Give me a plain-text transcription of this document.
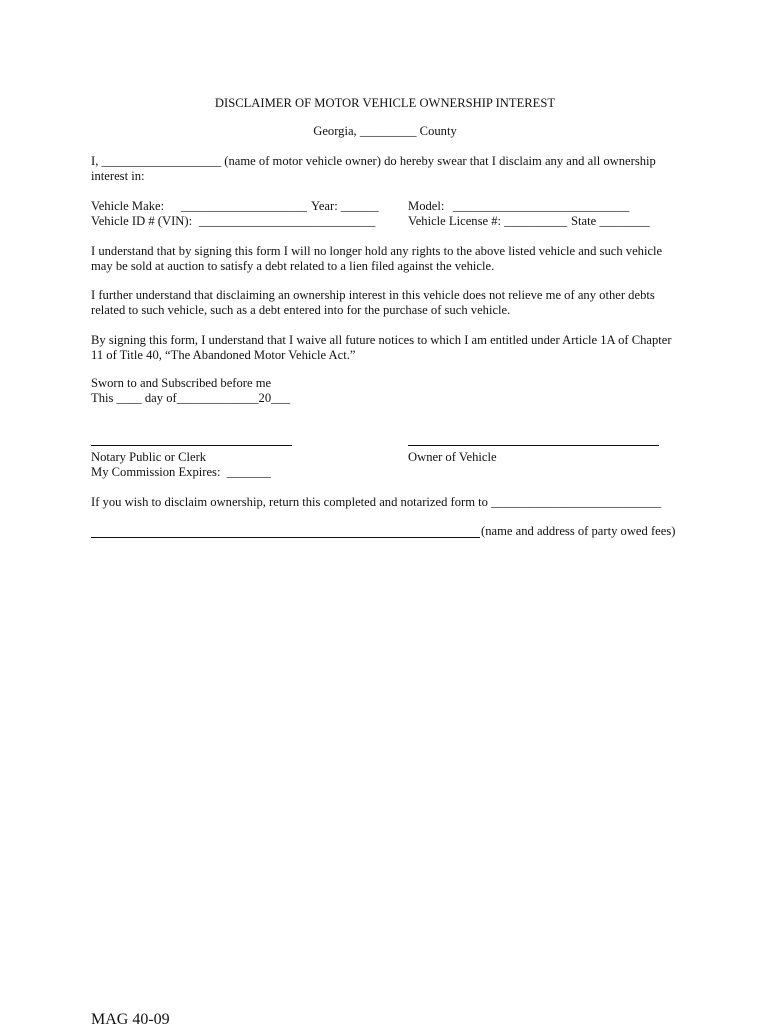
DISCLAIMER OF MOTOR VEHICLE OWNERSHIP INTEREST

Georgia, _________ County

I, ___________________ (name of motor vehicle owner) do hereby swear that I disclaim any and all ownership

interest in:

Vehicle Make: ____________________ Year: ______ Model: ____________________________

Vehicle ID # (VIN): ____________________________	Vehicle License #: __________ State ________

I understand that by signing this form I will no longer hold any rights to the above listed vehicle and such vehicle

may be sold at auction to satisfy a debt related to a lien filed against the vehicle.

I further understand that disclaiming an ownership interest in this vehicle does not relieve me of any other debts

related to such vehicle, such as a debt entered into for the purchase of such vehicle.

By signing this form, I understand that I waive all future notices to which I am entitled under Article 1A of Chapter

11 of Title 40, “The Abandoned Motor Vehicle Act.”

Sworn to and Subscribed before me

This ____ day of_____________20___

Notary Public or Clerk	Owner of Vehicle

My Commission Expires:  _______

If you wish to disclaim ownership, return this completed and notarized form to ___________________________

(name and address of party owed fees)

MAG 40-09
